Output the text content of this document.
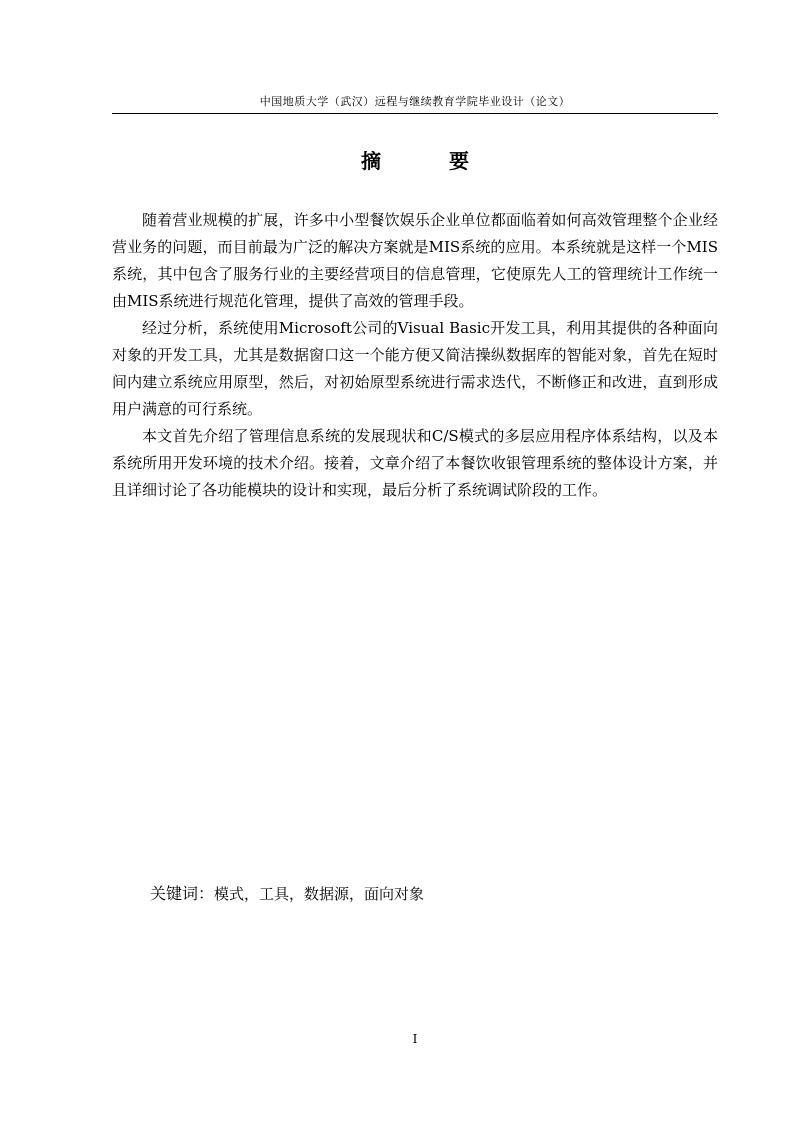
中国地质大学（武汉）远程与继续教育学院毕业设计（论文）
摘	要

随着营业规模的扩展，许多中小型餐饮娱乐企业单位都面临着如何高效管理整个企业经营业务的问题，而目前最为广泛的解决方案就是MIS系统的应用。本系统就是这样一个MIS系统，其中包含了服务行业的主要经营项目的信息管理，它使原先人工的管理统计工作统一由MIS系统进行规范化管理，提供了高效的管理手段。

经过分析，系统使用Microsoft公司的Visual Basic开发工具，利用其提供的各种面向对象的开发工具，尤其是数据窗口这一个能方便又简洁操纵数据库的智能对象，首先在短时间内建立系统应用原型，然后，对初始原型系统进行需求迭代，不断修正和改进，直到形成用户满意的可行系统。

本文首先介绍了管理信息系统的发展现状和C/S模式的多层应用程序体系结构，以及本系统所用开发环境的技术介绍。接着，文章介绍了本餐饮收银管理系统的整体设计方案，并且详细讨论了各功能模块的设计和实现，最后分析了系统调试阶段的工作。

关键词：模式，工具，数据源，面向对象
I
